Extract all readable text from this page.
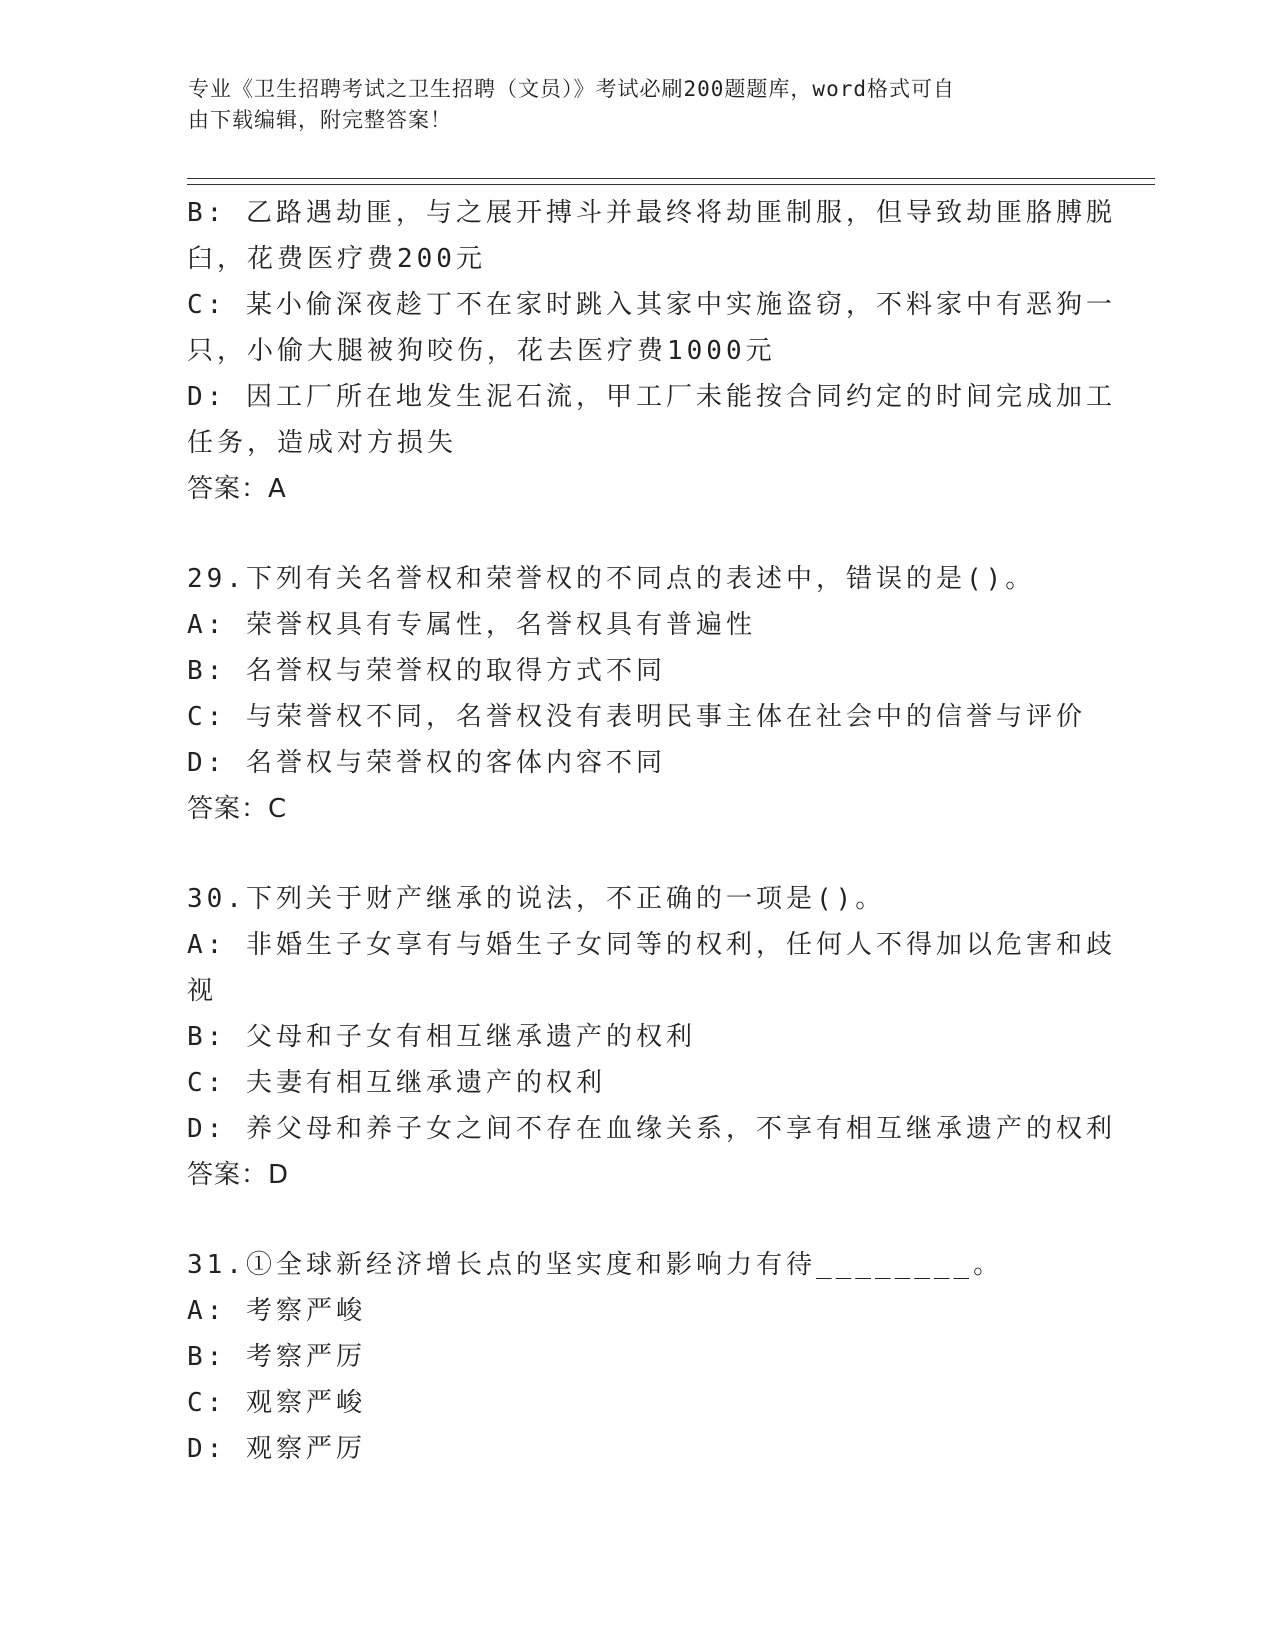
专业《卫生招聘考试之卫生招聘（文员）》考试必刷200题题库，word格式可自
由下载编辑，附完整答案！
B: 乙路遇劫匪，与之展开搏斗并最终将劫匪制服，但导致劫匪胳膊脱
臼，花费医疗费200元
C: 某小偷深夜趁丁不在家时跳入其家中实施盗窃，不料家中有恶狗一
只，小偷大腿被狗咬伤，花去医疗费1000元
D: 因工厂所在地发生泥石流，甲工厂未能按合同约定的时间完成加工
任务，造成对方损失
答案：A
29.下列有关名誉权和荣誉权的不同点的表述中，错误的是()。
A: 荣誉权具有专属性，名誉权具有普遍性
B: 名誉权与荣誉权的取得方式不同
C: 与荣誉权不同，名誉权没有表明民事主体在社会中的信誉与评价
D: 名誉权与荣誉权的客体内容不同
答案：C
30.下列关于财产继承的说法，不正确的一项是()。
A: 非婚生子女享有与婚生子女同等的权利，任何人不得加以危害和歧
视
B: 父母和子女有相互继承遗产的权利
C: 夫妻有相互继承遗产的权利
D: 养父母和养子女之间不存在血缘关系，不享有相互继承遗产的权利
答案：D
31.①全球新经济增长点的坚实度和影响力有待________。
A: 考察严峻
B: 考察严厉
C: 观察严峻
D: 观察严厉
